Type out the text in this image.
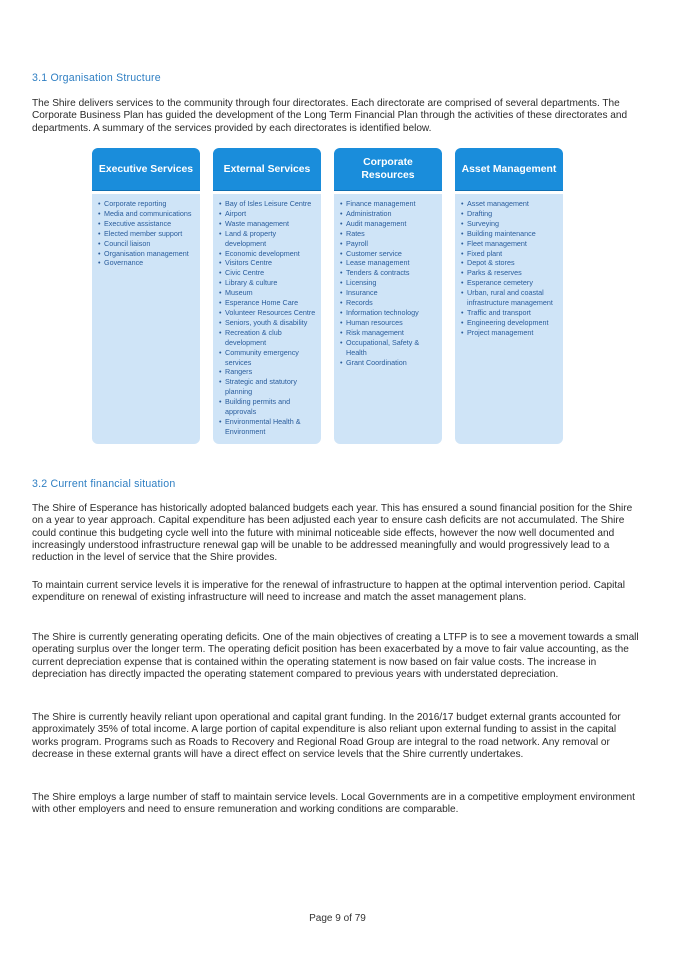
3.1 Organisation Structure

The Shire delivers services to the community through four directorates. Each directorate are comprised of several departments. The Corporate Business Plan has guided the development of the Long Term Financial Plan through the activities of these directorates and departments. A summary of the services provided by each directorates is identified below.

Executive Services
• Corporate reporting
• Media and communications
• Executive assistance
• Elected member support
• Council liaison
• Organisation management
• Governance
External Services
• Bay of Isles Leisure Centre
• Airport
• Waste management
• Land & property development
• Economic development
• Visitors Centre
• Civic Centre
• Library & culture
• Museum
• Esperance Home Care
• Volunteer Resources Centre
• Seniors, youth & disability
• Recreation & club development
• Community emergency services
• Rangers
• Strategic and statutory planning
• Building permits and approvals
• Environmental Health & Environment
Corporate Resources
• Finance management
• Administration
• Audit management
• Rates
• Payroll
• Customer service
• Lease management
• Tenders & contracts
• Licensing
• Insurance
• Records
• Information technology
• Human resources
• Risk management
• Occupational, Safety & Health
• Grant Coordination
Asset Management
• Asset management
• Drafting
• Surveying
• Building maintenance
• Fleet management
• Fixed plant
• Depot & stores
• Parks & reserves
• Esperance cemetery
• Urban, rural and coastal infrastructure management
• Traffic and transport
• Engineering development
• Project management
3.2 Current financial situation

The Shire of Esperance has historically adopted balanced budgets each year. This has ensured a sound financial position for the Shire on a year to year approach. Capital expenditure has been adjusted each year to ensure cash deficits are not accumulated. The Shire could continue this budgeting cycle well into the future with minimal noticeable side effects, however the now well documented and increasingly understood infrastructure renewal gap will be unable to be addressed meaningfully and would progressively lead to a reduction in the level of service that the Shire provides.

To maintain current service levels it is imperative for the renewal of infrastructure to happen at the optimal intervention period. Capital expenditure on renewal of existing infrastructure will need to increase and match the asset management plans.

The Shire is currently generating operating deficits. One of the main objectives of creating a LTFP is to see a movement towards a small operating surplus over the longer term. The operating deficit position has been exacerbated by a move to fair value accounting, as the current depreciation expense that is contained within the operating statement is now based on fair value costs. The increase in depreciation has directly impacted the operating statement compared to previous years with understated depreciation.

The Shire is currently heavily reliant upon operational and capital grant funding. In the 2016/17 budget external grants accounted for approximately 35% of total income. A large portion of capital expenditure is also reliant upon external funding to assist in the capital works program. Programs such as Roads to Recovery and Regional Road Group are integral to the road network. Any removal or decrease in these external grants will have a direct effect on service levels that the Shire currently undertakes.

The Shire employs a large number of staff to maintain service levels. Local Governments are in a competitive employment environment with other employers and need to ensure remuneration and working conditions are comparable.

Page 9 of 79
